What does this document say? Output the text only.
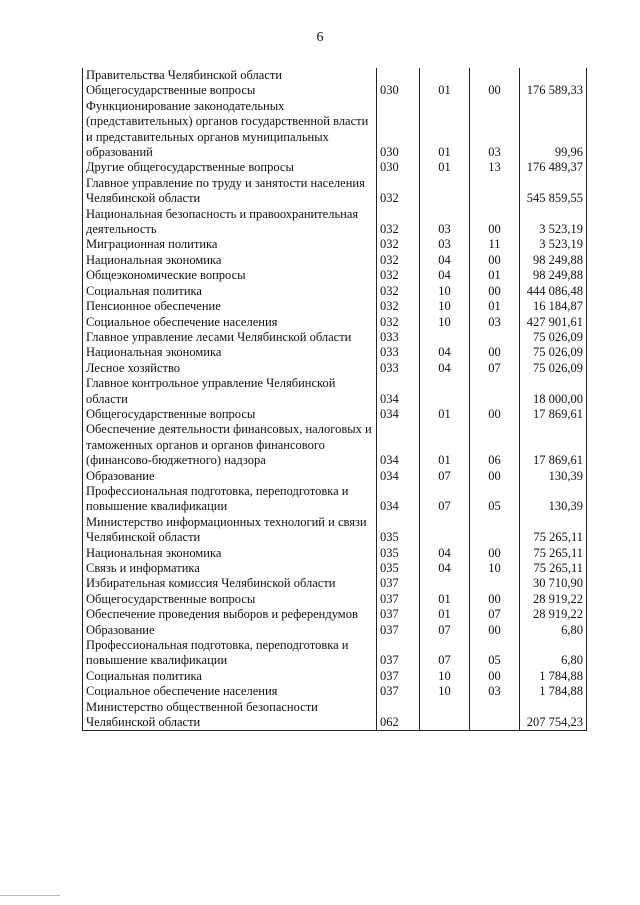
6
Правительства Челябинской области				
Общегосударственные вопросы	030	01	00	176 589,33
Функционирование законодательных (представительных) органов государственной власти и представительных органов муниципальных образований	030	01	03	99,96
Другие общегосударственные вопросы	030	01	13	176 489,37
Главное управление по труду и занятости населения Челябинской области	032			545 859,55
Национальная безопасность и правоохранительная деятельность	032	03	00	3 523,19
Миграционная политика	032	03	11	3 523,19
Национальная экономика	032	04	00	98 249,88
Общеэкономические вопросы	032	04	01	98 249,88
Социальная политика	032	10	00	444 086,48
Пенсионное обеспечение	032	10	01	16 184,87
Социальное обеспечение населения	032	10	03	427 901,61
Главное управление лесами Челябинской области	033			75 026,09
Национальная экономика	033	04	00	75 026,09
Лесное хозяйство	033	04	07	75 026,09
Главное контрольное управление Челябинской области	034			18 000,00
Общегосударственные вопросы	034	01	00	17 869,61
Обеспечение деятельности финансовых, налоговых и таможенных органов и органов финансового (финансово-бюджетного) надзора	034	01	06	17 869,61
Образование	034	07	00	130,39
Профессиональная подготовка, переподготовка и повышение квалификации	034	07	05	130,39
Министерство информационных технологий и связи Челябинской области	035			75 265,11
Национальная экономика	035	04	00	75 265,11
Связь и информатика	035	04	10	75 265,11
Избирательная комиссия Челябинской области	037			30 710,90
Общегосударственные вопросы	037	01	00	28 919,22
Обеспечение проведения выборов и референдумов	037	01	07	28 919,22
Образование	037	07	00	6,80
Профессиональная подготовка, переподготовка и повышение квалификации	037	07	05	6,80
Социальная политика	037	10	00	1 784,88
Социальное обеспечение населения	037	10	03	1 784,88
Министерство общественной безопасности Челябинской области	062			207 754,23
